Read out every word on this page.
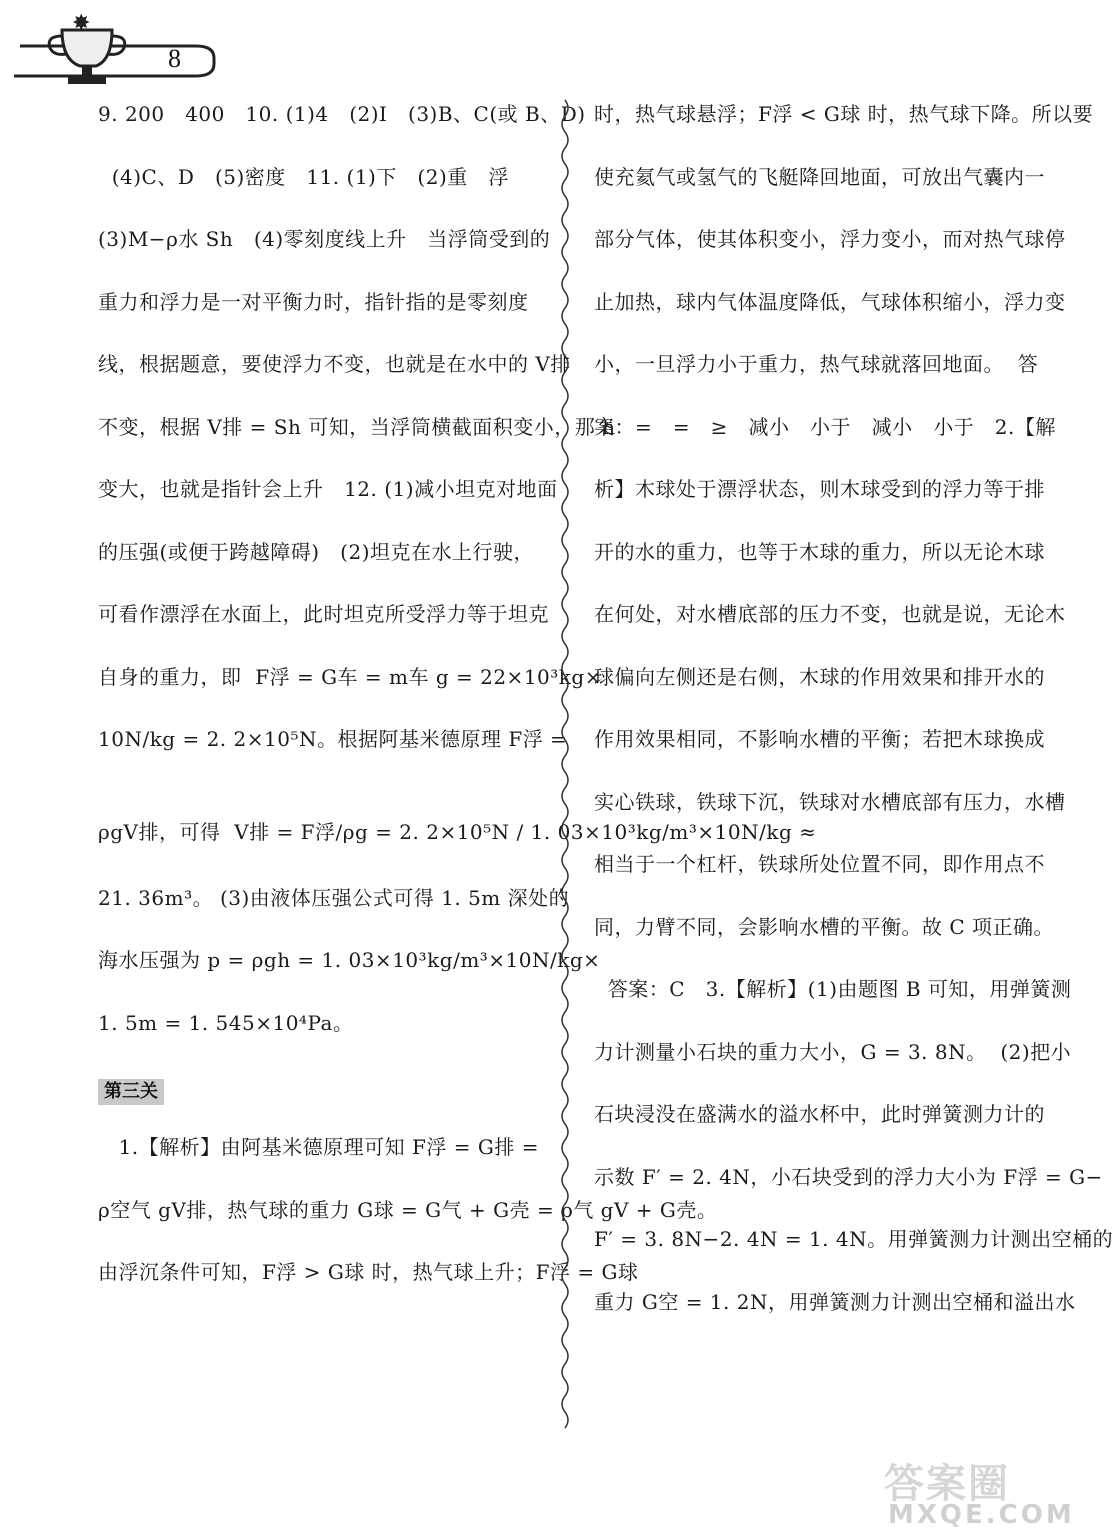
✸
8
9. 200   400   10. (1)4   (2)I   (3)B、C(或 B、D)
(4)C、D   (5)密度   11. (1)下   (2)重   浮
(3)M−ρ水 Sh   (4)零刻度线上升   当浮筒受到的
重力和浮力是一对平衡力时，指针指的是零刻度
线，根据题意，要使浮力不变，也就是在水中的 V排
不变，根据 V排 = Sh 可知，当浮筒横截面积变小，那 h
变大，也就是指针会上升   12. (1)减小坦克对地面
的压强(或便于跨越障碍)   (2)坦克在水上行驶，
可看作漂浮在水面上，此时坦克所受浮力等于坦克
自身的重力，即  F浮 = G车 = m车 g = 22×10³kg×
10N/kg = 2. 2×10⁵N。根据阿基米德原理 F浮 =
ρgV排，可得  V排 = F浮/ρg = 2. 2×10⁵N / 1. 03×10³kg/m³×10N/kg ≈
21. 36m³。 (3)由液体压强公式可得 1. 5m 深处的
海水压强为 p = ρgh = 1. 03×10³kg/m³×10N/kg×
1. 5m = 1. 545×10⁴Pa。
第三关
1.【解析】由阿基米德原理可知 F浮 = G排 =
ρ空气 gV排，热气球的重力 G球 = G气 + G壳 = ρ气 gV + G壳。
由浮沉条件可知，F浮 > G球 时，热气球上升；F浮 = G球
时，热气球悬浮；F浮 < G球 时，热气球下降。所以要
使充氦气或氢气的飞艇降回地面，可放出气囊内一
部分气体，使其体积变小，浮力变小，而对热气球停
止加热，球内气体温度降低，气球体积缩小，浮力变
小，一旦浮力小于重力，热气球就落回地面。  答
案：=   =   ≥   减小   小于   减小   小于   2.【解
析】木球处于漂浮状态，则木球受到的浮力等于排
开的水的重力，也等于木球的重力，所以无论木球
在何处，对水槽底部的压力不变，也就是说，无论木
球偏向左侧还是右侧，木球的作用效果和排开水的
作用效果相同，不影响水槽的平衡；若把木球换成
实心铁球，铁球下沉，铁球对水槽底部有压力，水槽
相当于一个杠杆，铁球所处位置不同，即作用点不
同，力臂不同，会影响水槽的平衡。故 C 项正确。
答案：C   3.【解析】(1)由题图 B 可知，用弹簧测
力计测量小石块的重力大小，G = 3. 8N。  (2)把小
石块浸没在盛满水的溢水杯中，此时弹簧测力计的
示数 F′ = 2. 4N，小石块受到的浮力大小为 F浮 = G−
F′ = 3. 8N−2. 4N = 1. 4N。用弹簧测力计测出空桶的
重力 G空 = 1. 2N，用弹簧测力计测出空桶和溢出水
答案圈
MXQE.COM
